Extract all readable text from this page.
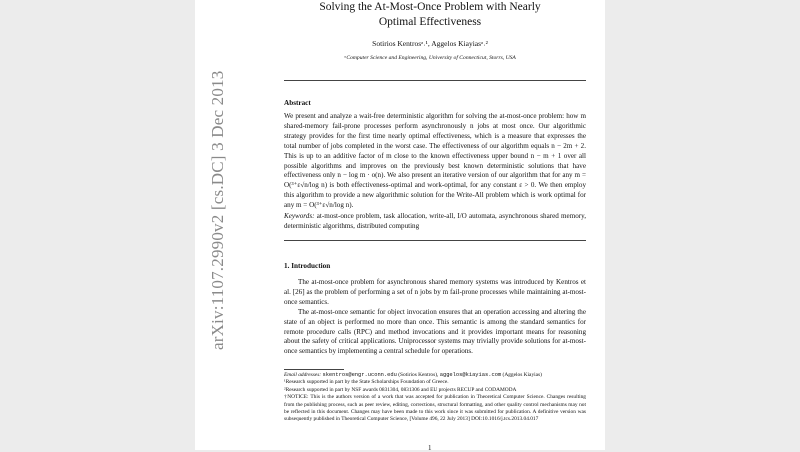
arXiv:1107.2990v2 [cs.DC] 3 Dec 2013
Solving the At-Most-Once Problem with Nearly Optimal Effectiveness
Sotirios Kentrosᵃ˒¹, Aggelos Kiayiasᵃ˒²
ᵃComputer Science and Engineering, University of Connecticut, Storrs, USA
Abstract
We present and analyze a wait-free deterministic algorithm for solving the at-most-once problem: how m shared-memory fail-prone processes perform asynchronously n jobs at most once. Our algorithmic strategy provides for the first time nearly optimal effectiveness, which is a measure that expresses the total number of jobs completed in the worst case. The effectiveness of our algorithm equals n − 2m + 2. This is up to an additive factor of m close to the known effectiveness upper bound n − m + 1 over all possible algorithms and improves on the previously best known deterministic solutions that have effectiveness only n − log m · o(n). We also present an iterative version of our algorithm that for any m = O(³⁺ε√n/log n) is both effectiveness-optimal and work-optimal, for any constant ε > 0. We then employ this algorithm to provide a new algorithmic solution for the Write-All problem which is work optimal for any m = O(³⁺ε√n/log n).
Keywords: at-most-once problem, task allocation, write-all, I/O automata, asynchronous shared memory, deterministic algorithms, distributed computing
1. Introduction

The at-most-once problem for asynchronous shared memory systems was introduced by Kentros et al. [26] as the problem of performing a set of n jobs by m fail-prone processes while maintaining at-most-once semantics.

The at-most-once semantic for object invocation ensures that an operation accessing and altering the state of an object is performed no more than once. This semantic is among the standard semantics for remote procedure calls (RPC) and method invocations and it provides important means for reasoning about the safety of critical applications. Uniprocessor systems may trivially provide solutions for at-most-once semantics by implementing a central schedule for operations.

Email addresses: skentros@engr.uconn.edu (Sotirios Kentros), aggelos@kiayias.com (Aggelos Kiayias)
¹Research supported in part by the State Scholarships Foundation of Greece.
²Research supported in part by NSF awards 0831304, 0831306 and EU projects RECUP and CODAMODA
†NOTICE: This is the authors version of a work that was accepted for publication in Theoretical Computer Science. Changes resulting from the publishing process, such as peer review, editing, corrections, structural formatting, and other quality control mechanisms may not be reflected in this document. Changes may have been made to this work since it was submitted for publication. A definitive version was subsequently published in Theoretical Computer Science, [Volume 496, 22 July 2013] DOI:10.1016/j.tcs.2013.04.017
1
